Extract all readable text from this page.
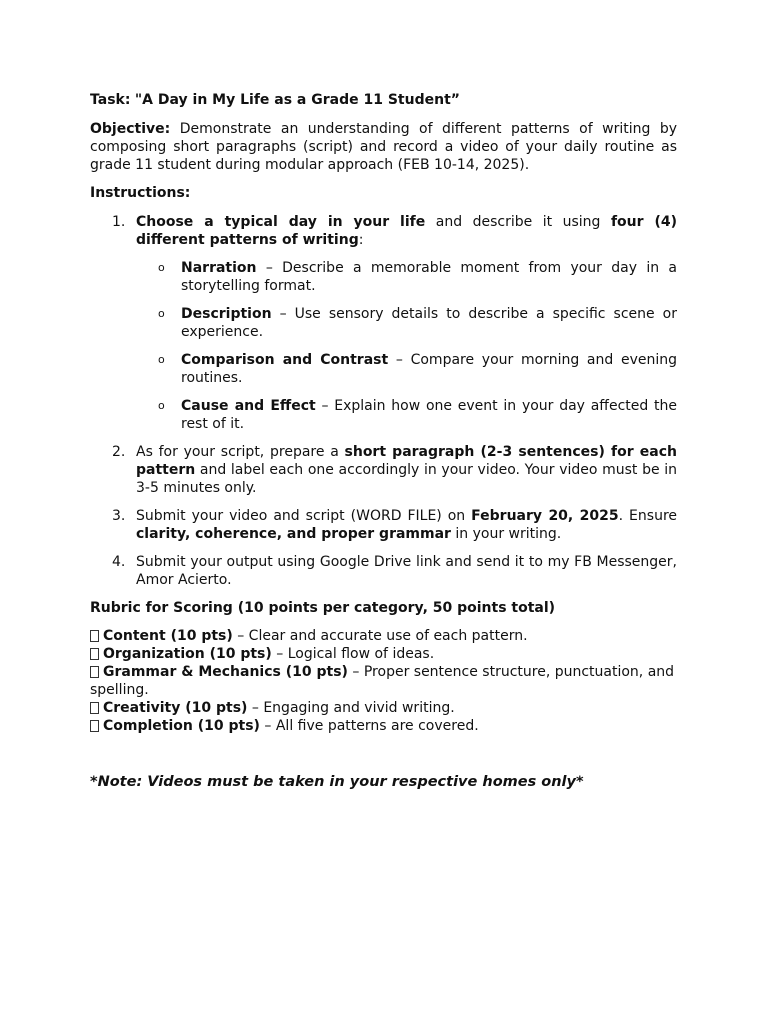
Task: "A Day in My Life as a Grade 11 Student”

Objective: Demonstrate an understanding of different patterns of writing by composing short paragraphs (script) and record a video of your daily routine as grade 11 student during modular approach (FEB 10-14, 2025).

Instructions:

1. Choose a typical day in your life and describe it using four (4) different patterns of writing:
o Narration – Describe a memorable moment from your day in a storytelling format.
o Description – Use sensory details to describe a specific scene or experience.
o Comparison and Contrast – Compare your morning and evening routines.
o Cause and Effect – Explain how one event in your day affected the rest of it.
2. As for your script, prepare a short paragraph (2-3 sentences) for each pattern and label each one accordingly in your video. Your video must be in 3-5 minutes only.
3. Submit your video and script (WORD FILE) on February 20, 2025. Ensure clarity, coherence, and proper grammar in your writing.
4. Submit your output using Google Drive link and send it to my FB Messenger, Amor Acierto.

Rubric for Scoring (10 points per category, 50 points total)

Content (10 pts) – Clear and accurate use of each pattern.
Organization (10 pts) – Logical flow of ideas.
Grammar & Mechanics (10 pts) – Proper sentence structure, punctuation, and spelling.
Creativity (10 pts) – Engaging and vivid writing.
Completion (10 pts) – All five patterns are covered.

*Note: Videos must be taken in your respective homes only*
